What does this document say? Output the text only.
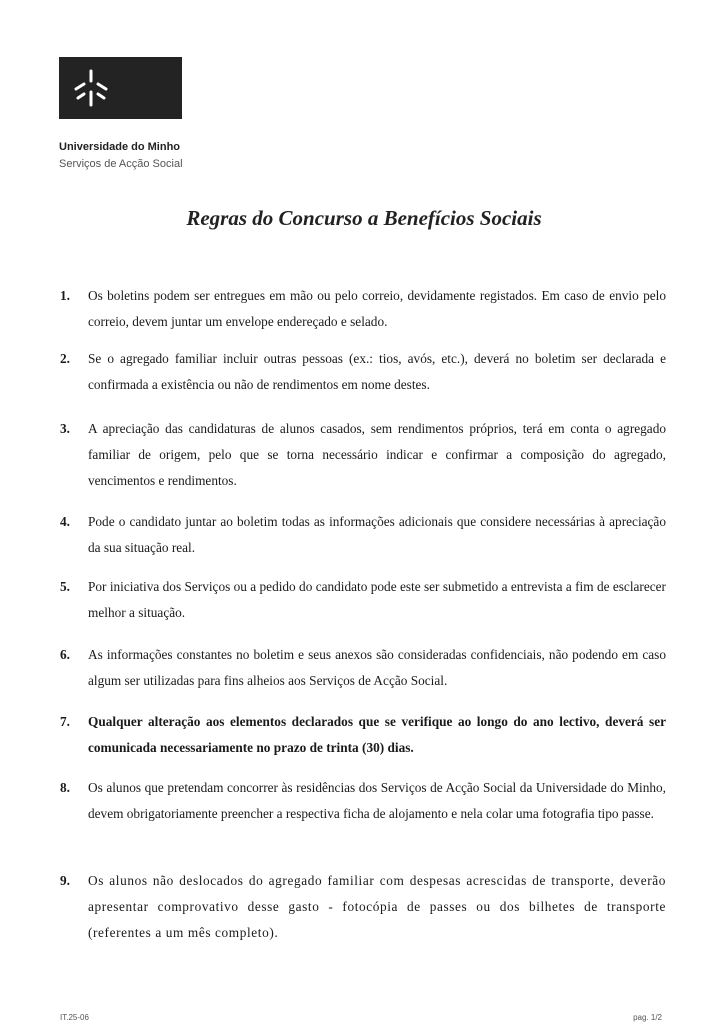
Universidade do Minho
Serviços de Acção Social
Regras do Concurso a Benefícios Sociais
1. Os boletins podem ser entregues em mão ou pelo correio, devidamente registados. Em caso de envio pelo correio, devem juntar um envelope endereçado e selado.
2. Se o agregado familiar incluir outras pessoas (ex.: tios, avós, etc.), deverá no boletim ser declarada e confirmada a existência ou não de rendimentos em nome destes.
3. A apreciação das candidaturas de alunos casados, sem rendimentos próprios, terá em conta o agregado familiar de origem, pelo que se torna necessário indicar e confirmar a composição do agregado, vencimentos e rendimentos.
4. Pode o candidato juntar ao boletim todas as informações adicionais que considere necessárias à apreciação da sua situação real.
5. Por iniciativa dos Serviços ou a pedido do candidato pode este ser submetido a entrevista a fim de esclarecer melhor a situação.
6. As informações constantes no boletim e seus anexos são consideradas confidenciais, não podendo em caso algum ser utilizadas para fins alheios aos Serviços de Acção Social.
7. Qualquer alteração aos elementos declarados que se verifique ao longo do ano lectivo, deverá ser comunicada necessariamente no prazo de trinta (30) dias.
8. Os alunos que pretendam concorrer às residências dos Serviços de Acção Social da Universidade do Minho, devem obrigatoriamente preencher a respectiva ficha de alojamento e nela colar uma fotografia tipo passe.
9. Os alunos não deslocados do agregado familiar com despesas acrescidas de transporte, deverão apresentar comprovativo desse gasto - fotocópia de passes ou dos bilhetes de transporte (referentes a um mês completo).
IT.25-06	pag. 1/2
